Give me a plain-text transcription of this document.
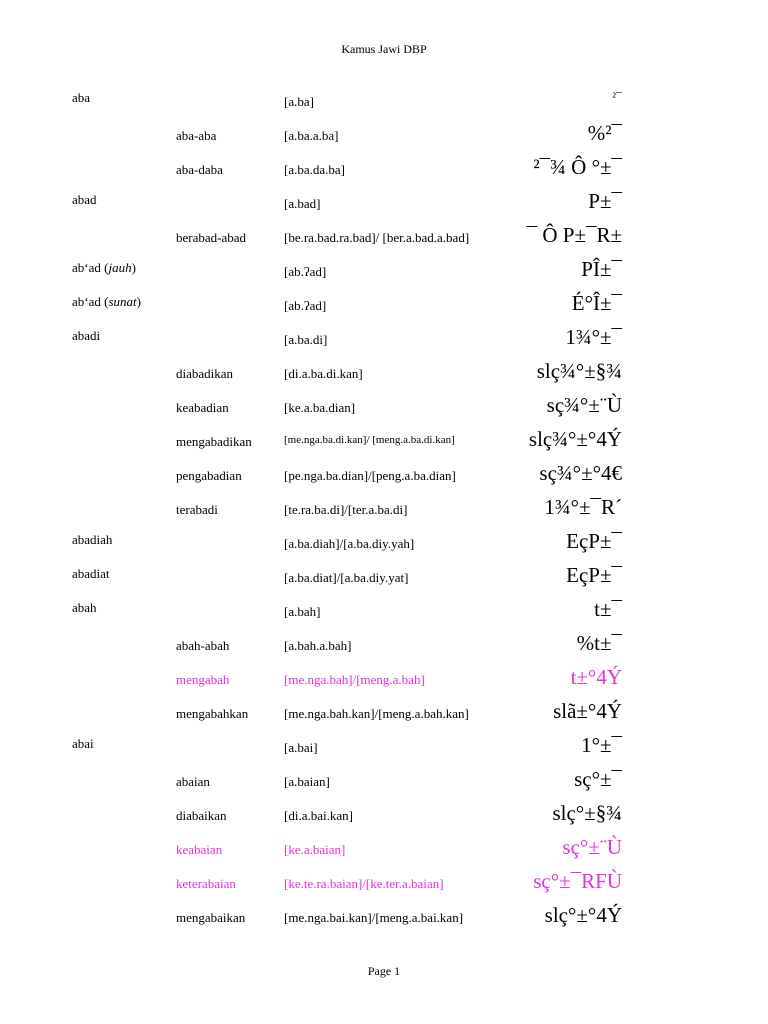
Kamus Jawi DBP
aba	[a.ba]	²¯
aba-aba	[a.ba.a.ba]	%²¯
aba-daba	[a.ba.da.ba]	²¯¾ Ô °±¯
abad	[a.bad]	P±¯
berabad-abad	[be.ra.bad.ra.bad]/ [ber.a.bad.a.bad]	¯ Ô P±¯R±
ab‘ad (jauh)	[ab.ʔad]	PÎ±¯
ab‘ad (sunat)	[ab.ʔad]	É°Î±¯
abadi	[a.ba.di]	1¾°±¯
diabadikan	[di.a.ba.di.kan]	slç¾°±§¾
keabadian	[ke.a.ba.dian]	sç¾°±¨Ù
mengabadikan	[me.nga.ba.di.kan]/ [meng.a.ba.di.kan]	slç¾°±°4Ý
pengabadian	[pe.nga.ba.dian]/[peng.a.ba.dian]	sç¾°±°4€
terabadi	[te.ra.ba.di]/[ter.a.ba.di]	1¾°±¯R´
abadiah	[a.ba.diah]/[a.ba.diy.yah]	EçP±¯
abadiat	[a.ba.diat]/[a.ba.diy.yat]	EçP±¯
abah	[a.bah]	t±¯
abah-abah	[a.bah.a.bah]	%t±¯
mengabah	[me.nga.bah]/[meng.a.bah]	t±°4Ý
mengabahkan	[me.nga.bah.kan]/[meng.a.bah.kan]	slã±°4Ý
abai	[a.bai]	1°±¯
abaian	[a.baian]	sç°±¯
diabaikan	[di.a.bai.kan]	slç°±§¾
keabaian	[ke.a.baian]	sç°±¨Ù
keterabaian	[ke.te.ra.baian]/[ke.ter.a.baian]	sç°±¯RFÙ
mengabaikan	[me.nga.bai.kan]/[meng.a.bai.kan]	slç°±°4Ý
Page 1
